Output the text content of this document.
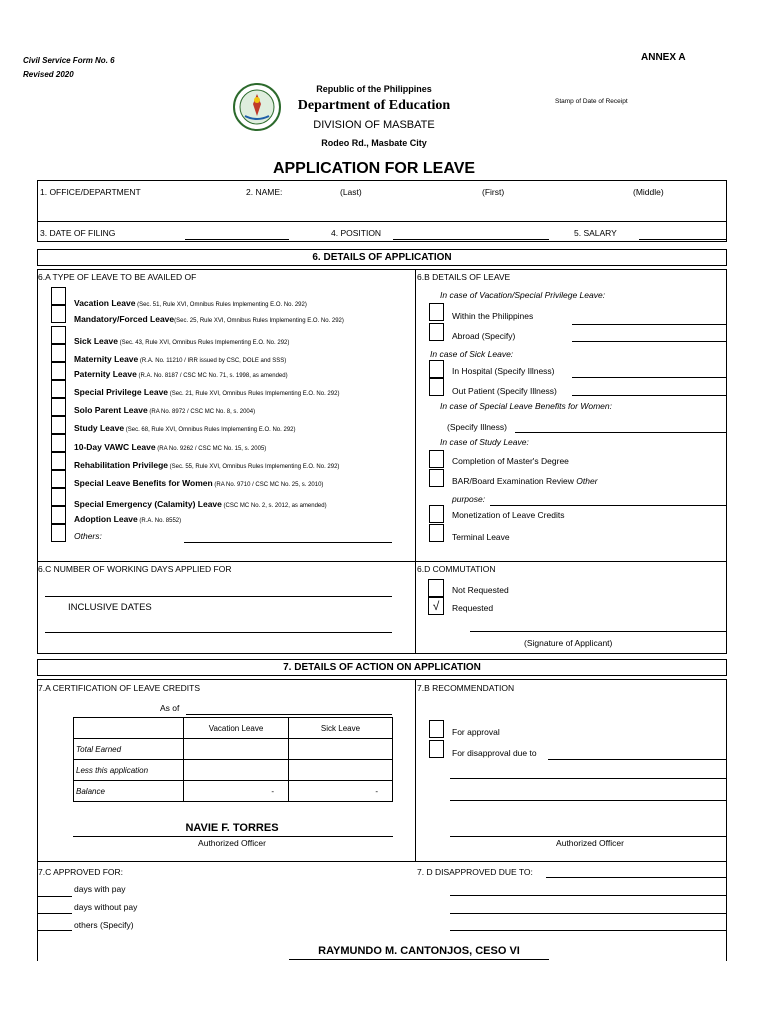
Civil Service Form No. 6
Revised 2020
ANNEX A
Republic of the Philippines
Department of Education
DIVISION OF MASBATE
Rodeo Rd., Masbate City
Stamp of Date of Receipt
APPLICATION FOR LEAVE
1. OFFICE/DEPARTMENT	2. NAME:	(Last)	(First)	(Middle)
3. DATE OF FILING	4. POSITION	5. SALARY
6. DETAILS OF APPLICATION
6.A TYPE OF LEAVE TO BE AVAILED OF	6.B DETAILS OF LEAVE
Vacation Leave (Sec. 51, Rule XVI, Omnibus Rules Implementing E.O. No. 292)
Mandatory/Forced Leave(Sec. 25, Rule XVI, Omnibus Rules Implementing E.O. No. 292)
Sick Leave (Sec. 43, Rule XVI, Omnibus Rules Implementing E.O. No. 292)
Maternity Leave (R.A. No. 11210 / IRR issued by CSC, DOLE and SSS)
Paternity Leave (R.A. No. 8187 / CSC MC No. 71, s. 1998, as amended)
Special Privilege Leave (Sec. 21, Rule XVI, Omnibus Rules Implementing E.O. No. 292)
Solo Parent Leave (RA No. 8972 / CSC MC No. 8, s. 2004)
Study Leave (Sec. 68, Rule XVI, Omnibus Rules Implementing E.O. No. 292)
10-Day VAWC Leave (RA No. 9262 / CSC MC No. 15, s. 2005)
Rehabilitation Privilege (Sec. 55, Rule XVI, Omnibus Rules Implementing E.O. No. 292)
Special Leave Benefits for Women (RA No. 9710 / CSC MC No. 25, s. 2010)
Special Emergency (Calamity) Leave (CSC MC No. 2, s. 2012, as amended)
Adoption Leave (R.A. No. 8552)
Others:
In case of Vacation/Special Privilege Leave:
Within the Philippines
Abroad (Specify)
In case of Sick Leave:
In Hospital (Specify Illness)
Out Patient (Specify Illness)
In case of Special Leave Benefits for Women:
(Specify Illness)
In case of Study Leave:
Completion of Master's Degree
BAR/Board Examination Review Other
purpose:
Monetization of Leave Credits
Terminal Leave
6.C NUMBER OF WORKING DAYS APPLIED FOR
INCLUSIVE DATES
6.D COMMUTATION
Not Requested
√	Requested
(Signature of Applicant)
7. DETAILS OF ACTION ON APPLICATION
7.A CERTIFICATION OF LEAVE CREDITS
As of
	Vacation Leave	Sick Leave
Total Earned		
Less this application		
Balance	-	-
NAVIE F. TORRES
Authorized Officer
7.B RECOMMENDATION
For approval
For disapproval due to
Authorized Officer
7.C APPROVED FOR:
days with pay
days without pay
others (Specify)
7. D DISAPPROVED DUE TO:
RAYMUNDO M. CANTONJOS, CESO VI
